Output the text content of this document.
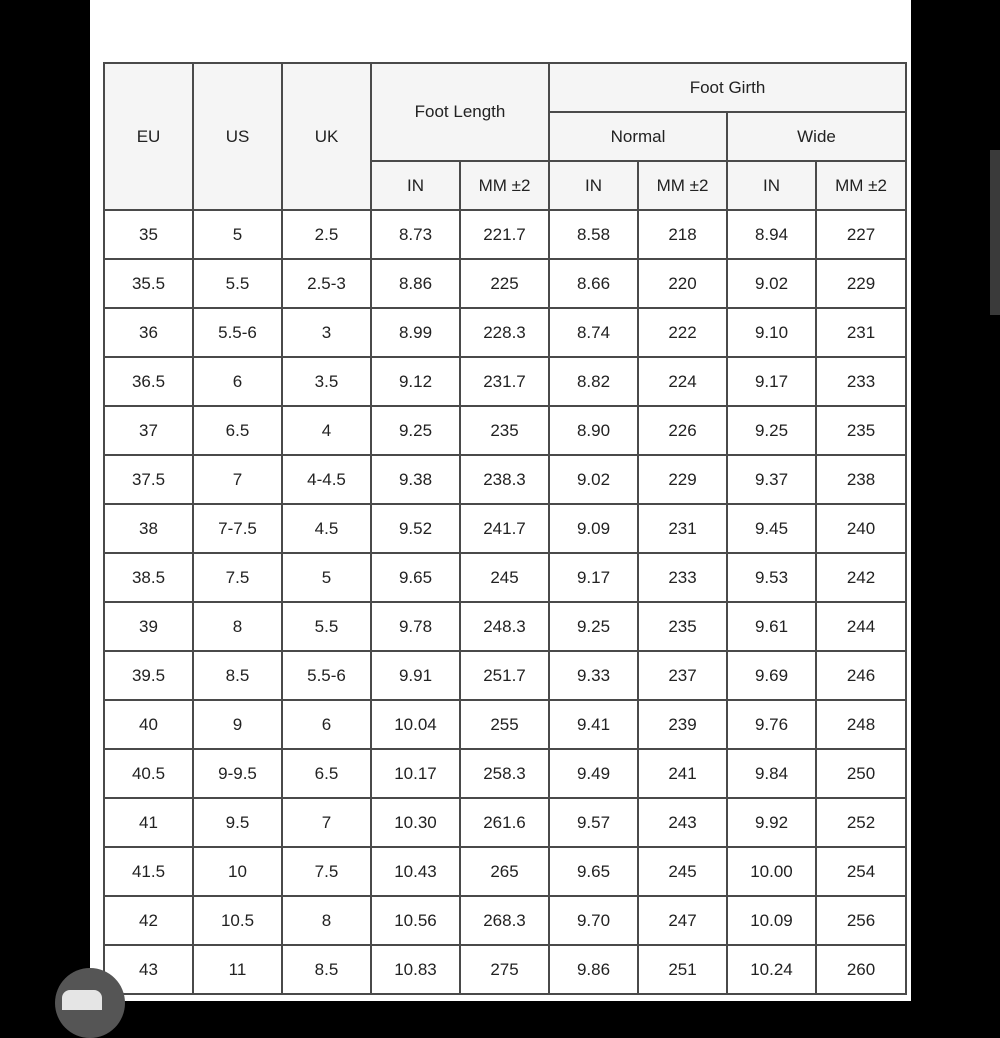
EU	US	UK	Foot Length		Foot Girth			
					Normal		Wide	
			IN	MM ±2	IN	MM ±2	IN	MM ±2
35	5	2.5	8.73	221.7	8.58	218	8.94	227
35.5	5.5	2.5-3	8.86	225	8.66	220	9.02	229
36	5.5-6	3	8.99	228.3	8.74	222	9.10	231
36.5	6	3.5	9.12	231.7	8.82	224	9.17	233
37	6.5	4	9.25	235	8.90	226	9.25	235
37.5	7	4-4.5	9.38	238.3	9.02	229	9.37	238
38	7-7.5	4.5	9.52	241.7	9.09	231	9.45	240
38.5	7.5	5	9.65	245	9.17	233	9.53	242
39	8	5.5	9.78	248.3	9.25	235	9.61	244
39.5	8.5	5.5-6	9.91	251.7	9.33	237	9.69	246
40	9	6	10.04	255	9.41	239	9.76	248
40.5	9-9.5	6.5	10.17	258.3	9.49	241	9.84	250
41	9.5	7	10.30	261.6	9.57	243	9.92	252
41.5	10	7.5	10.43	265	9.65	245	10.00	254
42	10.5	8	10.56	268.3	9.70	247	10.09	256
43	11	8.5	10.83	275	9.86	251	10.24	260
